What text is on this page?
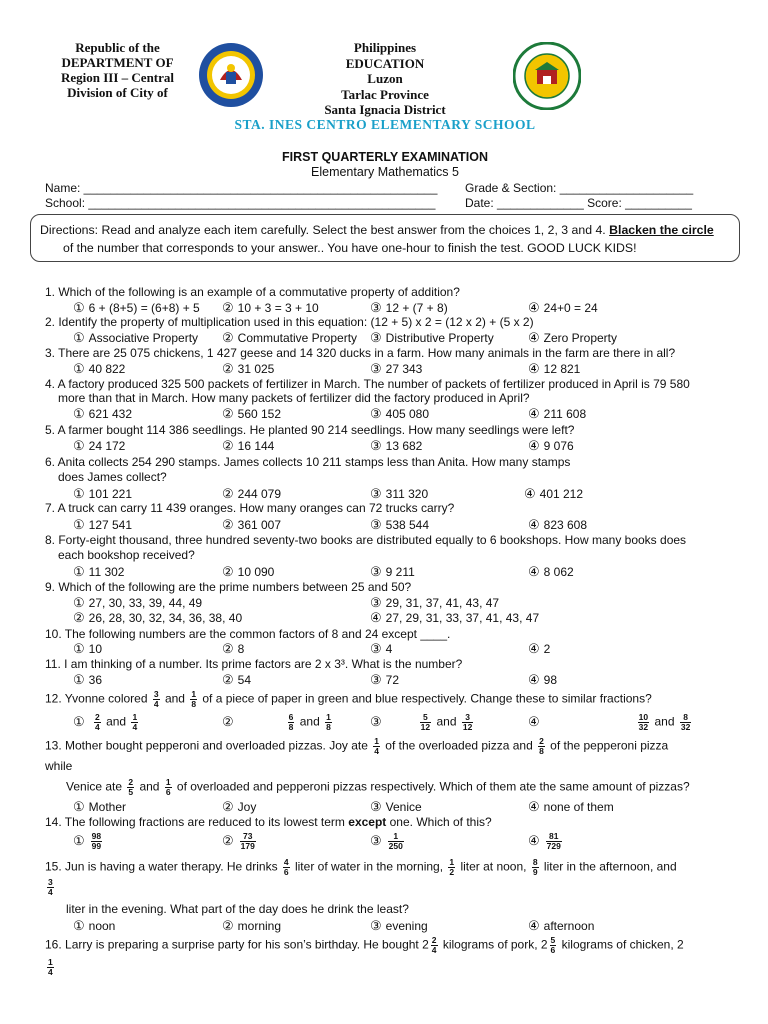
Republic of the
DEPARTMENT OF
Region III – Central
Division of City of
Philippines
EDUCATION
Luzon
Tarlac Province
Santa Ignacia District
STA. INES CENTRO ELEMENTARY SCHOOL
FIRST QUARTERLY EXAMINATION
Elementary Mathematics 5
Name: _____________________________________________________ Grade & Section: ____________________
School: ____________________________________________________ Date: _____________ Score: __________
Directions: Read and analyze each item carefully. Select the best answer from the choices 1, 2, 3 and 4. Blacken the circle
of the number that corresponds to your answer.. You have one-hour to finish the test. GOOD LUCK KIDS!
1. Which of the following is an example of a commutative property of addition?
① 6 + (8+5) = (6+8) + 5 ② 10 + 3 = 3 + 10	③ 12 + (7 + 8)	④ 24+0 = 24
2. Identify the property of multiplication used in this equation: (12 + 5) x 2 = (12 x 2) + (5 x 2)
① Associative Property ② Commutative Property ③ Distributive Property	④ Zero Property
3. There are 25 075 chickens, 1 427 geese and 14 320 ducks in a farm. How many animals in the farm are there in all?
① 40 822	② 31 025	③ 27 343	④ 12 821
4. A factory produced 325 500 packets of fertilizer in March. The number of packets of fertilizer produced in April is 79 580
more than that in March. How many packets of fertilizer did the factory produced in April?
① 621 432	② 560 152	③ 405 080	④ 211 608
5. A farmer bought 114 386 seedlings. He planted 90 214 seedlings. How many seedlings were left?
① 24 172	② 16 144	③ 13 682	④ 9 076
6. Anita collects 254 290 stamps. James collects 10 211 stamps less than Anita. How many stamps
does James collect?
① 101 221	② 244 079	③ 311 320	④ 401 212
7. A truck can carry 11 439 oranges. How many oranges can 72 trucks carry?
① 127 541	② 361 007	③ 538 544	④ 823 608
8. Forty-eight thousand, three hundred seventy-two books are distributed equally to 6 bookshops. How many books does
each bookshop received?
① 11 302	② 10 090	③ 9 211	④ 8 062
9. Which of the following are the prime numbers between 25 and 50?
① 27, 30, 33, 39, 44, 49
② 26, 28, 30, 32, 34, 36, 38, 40
③ 29, 31, 37, 41, 43, 47
④ 27, 29, 31, 33, 37, 41, 43, 47
10. The following numbers are the common factors of 8 and 24 except ____.
① 10	② 8	③ 4	④ 2
11. I am thinking of a number. Its prime factors are 2 x 3³. What is the number?
① 36	② 54	③ 72	④ 98
12. Yvonne colored $\frac{3}{4}$ and $\frac{1}{8}$ of a piece of paper in green and blue respectively. Change these to similar fractions?
① $\frac{2}{4}$ and $\frac{1}{4}$	②	$\frac{6}{8}$ and $\frac{1}{8}$	③	$\frac{5}{12}$ and $\frac{3}{12}$	④	$\frac{10}{32}$ and $\frac{8}{32}$
13. Mother bought pepperoni and overloaded pizzas. Joy ate $\frac{1}{4}$ of the overloaded pizza and $\frac{2}{8}$ of the pepperoni pizza
while
Venice ate $\frac{2}{5}$ and $\frac{1}{6}$ of overloaded and pepperoni pizzas respectively. Which of them ate the same amount of pizzas?
① Mother	② Joy	③ Venice	④ none of them
14. The following fractions are reduced to its lowest term except one. Which of this?
① $\frac{98}{99}$	② $\frac{73}{179}$	③ $\frac{1}{250}$	④ $\frac{81}{729}$
15. Jun is having a water therapy. He drinks $\frac{4}{6}$ liter of water in the morning, $\frac{1}{2}$ liter at noon, $\frac{8}{9}$ liter in the afternoon, and
$\frac{3}{4}$
liter in the evening. What part of the day does he drink the least?
① noon	② morning	③ evening	④ afternoon
16. Larry is preparing a surprise party for his son’s birthday. He bought $2 \frac{2}{4}$ kilograms of pork, $2 \frac{5}{6}$ kilograms of chicken, 2
$\frac{1}{4}$
